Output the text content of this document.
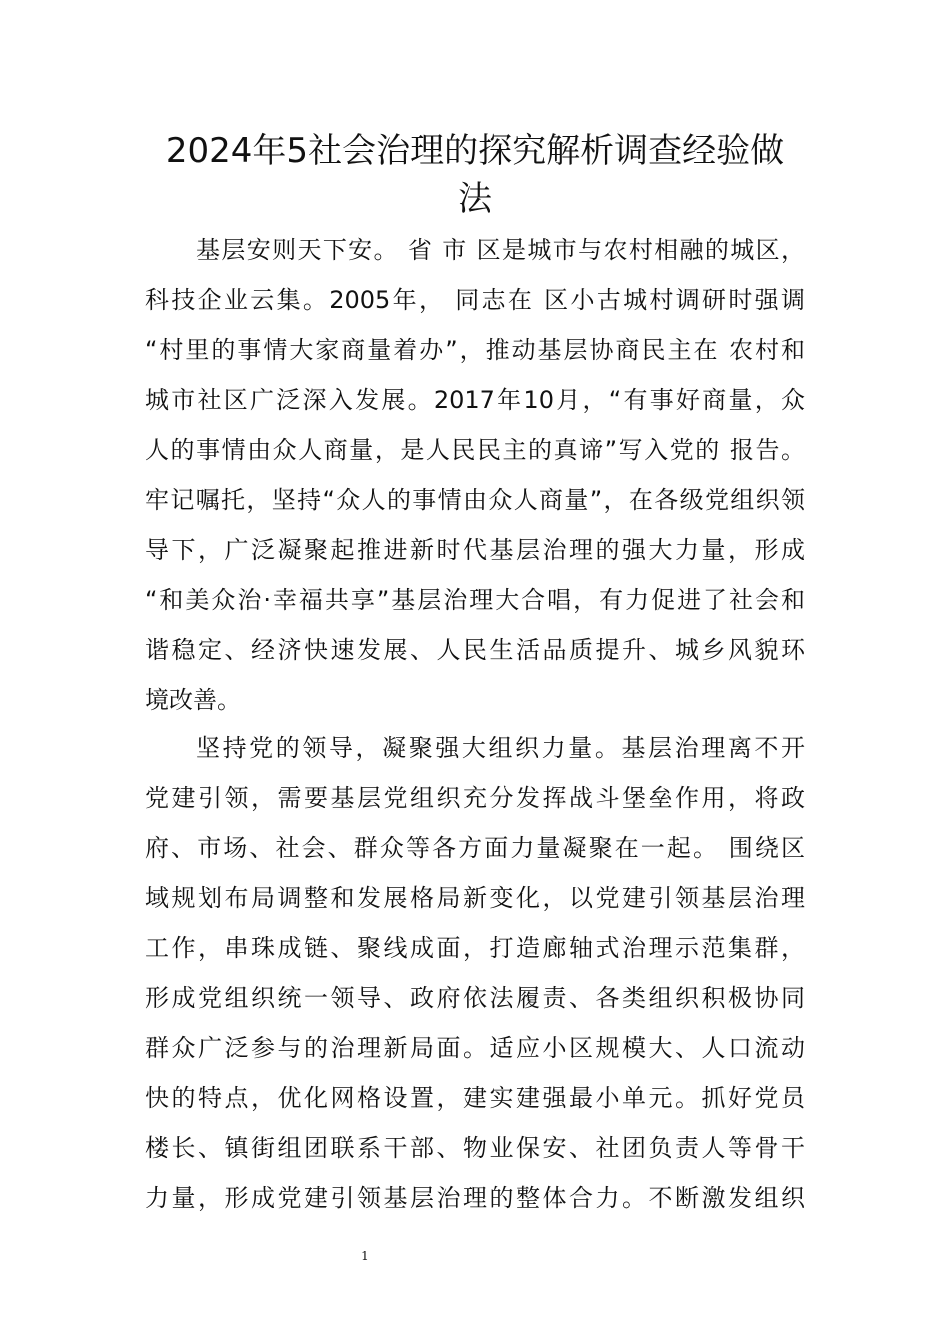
2024年5社会治理的探究解析调查经验做
法
基层安则天下安。 省 市 区是城市与农村相融的城区，
科技企业云集。2005年， 同志在 区小古城村调研时强调
“村里的事情大家商量着办”，推动基层协商民主在 农村和
城市社区广泛深入发展。2017年10月，“有事好商量，众
人的事情由众人商量，是人民民主的真谛”写入党的 报告。
牢记嘱托，坚持“众人的事情由众人商量”，在各级党组织领
导下，广泛凝聚起推进新时代基层治理的强大力量，形成
“和美众治·幸福共享”基层治理大合唱，有力促进了社会和
谐稳定、经济快速发展、人民生活品质提升、城乡风貌环
境改善。
坚持党的领导，凝聚强大组织力量。基层治理离不开
党建引领，需要基层党组织充分发挥战斗堡垒作用，将政
府、市场、社会、群众等各方面力量凝聚在一起。 围绕区
域规划布局调整和发展格局新变化，以党建引领基层治理
工作，串珠成链、聚线成面，打造廊轴式治理示范集群，
形成党组织统一领导、政府依法履责、各类组织积极协同
群众广泛参与的治理新局面。适应小区规模大、人口流动
快的特点，优化网格设置，建实建强最小单元。抓好党员
楼长、镇街组团联系干部、物业保安、社团负责人等骨干
力量，形成党建引领基层治理的整体合力。不断激发组织
1
